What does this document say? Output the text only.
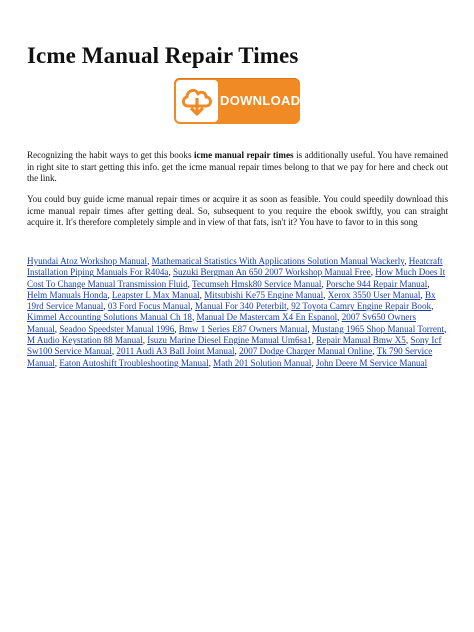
Icme Manual Repair Times
DOWNLOAD

Recognizing the habit ways to get this books icme manual repair times is additionally useful. You have remained in right site to start getting this info. get the icme manual repair times belong to that we pay for here and check out the link.

You could buy guide icme manual repair times or acquire it as soon as feasible. You could speedily download this icme manual repair times after getting deal. So, subsequent to you require the ebook swiftly, you can straight acquire it. It's therefore completely simple and in view of that fats, isn't it? You have to favor to in this song

Hyundai Atoz Workshop Manual, Mathematical Statistics With Applications Solution Manual Wackerly, Heatcraft Installation Piping Manuals For R404a, Suzuki Bergman An 650 2007 Workshop Manual Free, How Much Does It Cost To Change Manual Transmission Fluid, Tecumseh Hmsk80 Service Manual, Porsche 944 Repair Manual, Helm Manuals Honda, Leapster L Max Manual, Mitsubishi Ke75 Engine Manual, Xerox 3550 User Manual, Bx 19rd Service Manual, 03 Ford Focus Manual, Manual For 340 Peterbilt, 92 Toyota Camry Engine Repair Book, Kimmel Accounting Solutions Manual Ch 18, Manual De Mastercam X4 En Espanol, 2007 Sv650 Owners Manual, Seadoo Speedster Manual 1996, Bmw 1 Series E87 Owners Manual, Mustang 1965 Shop Manual Torrent, M Audio Keystation 88 Manual, Isuzu Marine Diesel Engine Manual Um6sa1, Repair Manual Bmw X5, Sony Icf Sw100 Service Manual, 2011 Audi A3 Ball Joint Manual, 2007 Dodge Charger Manual Online, Tk 790 Service Manual, Eaton Autoshift Troubleshooting Manual, Math 201 Solution Manual, John Deere M Service Manual
